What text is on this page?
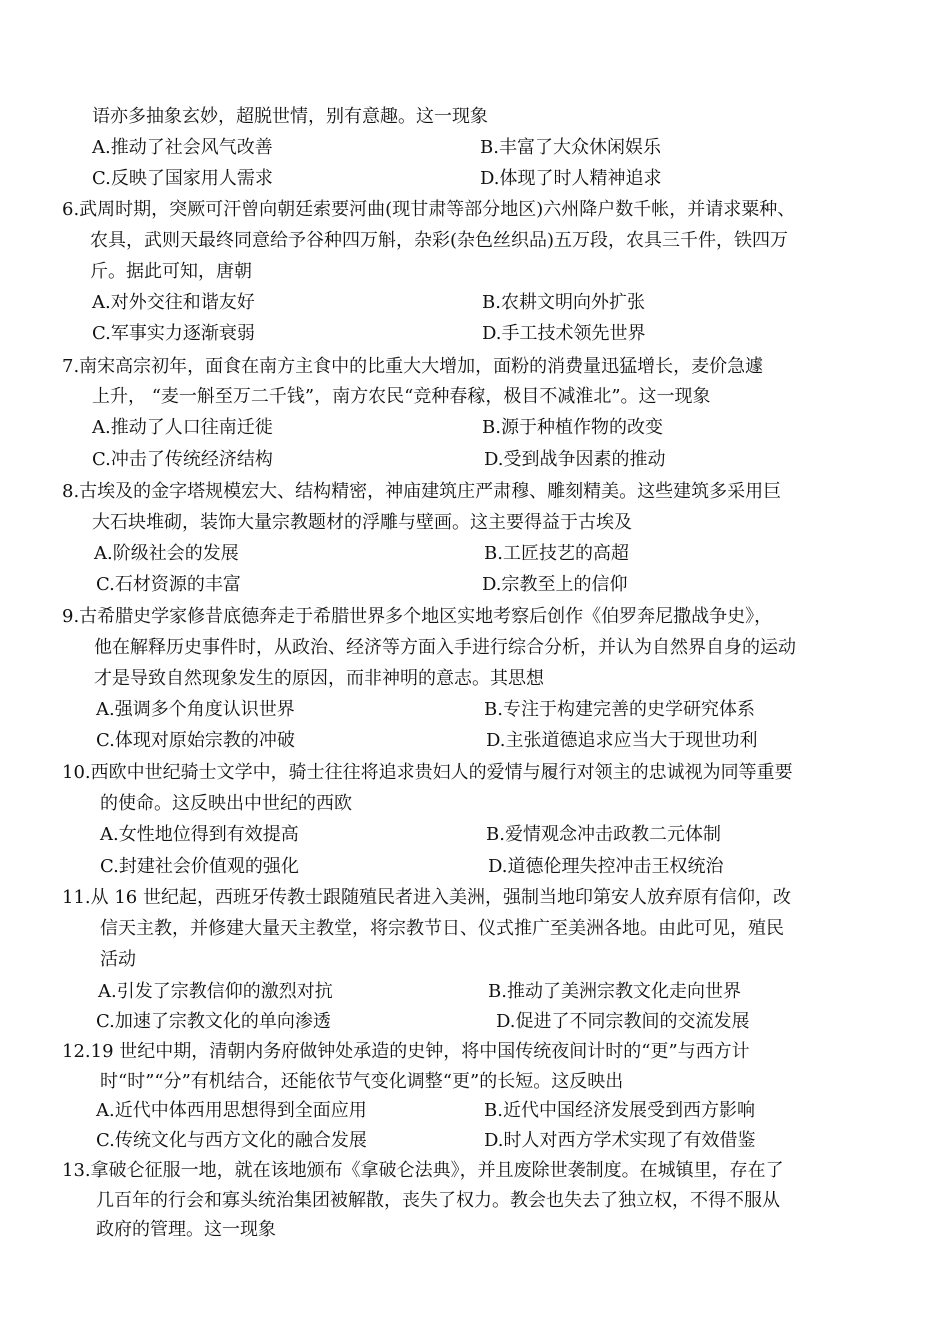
语亦多抽象玄妙，超脱世情，别有意趣。这一现象
A.推动了社会风气改善	B.丰富了大众休闲娱乐
C.反映了国家用人需求	D.体现了时人精神追求
6.武周时期，突厥可汗曾向朝廷索要河曲(现甘肃等部分地区)六州降户数千帐，并请求粟种、
农具，武则天最终同意给予谷种四万斛，杂彩(杂色丝织品)五万段，农具三千件，铁四万
斤。据此可知，唐朝
A.对外交往和谐友好	B.农耕文明向外扩张
C.军事实力逐渐衰弱	D.手工技术领先世界
7.南宋高宗初年，面食在南方主食中的比重大大增加，面粉的消费量迅猛增长，麦价急遽
上升， “麦一斛至万二千钱”，南方农民“竞种春稼，极目不减淮北”。这一现象
A.推动了人口往南迁徙	B.源于种植作物的改变
C.冲击了传统经济结构	D.受到战争因素的推动
8.古埃及的金字塔规模宏大、结构精密，神庙建筑庄严肃穆、雕刻精美。这些建筑多采用巨
大石块堆砌，装饰大量宗教题材的浮雕与壁画。这主要得益于古埃及
A.阶级社会的发展	B.工匠技艺的高超
C.石材资源的丰富	D.宗教至上的信仰
9.古希腊史学家修昔底德奔走于希腊世界多个地区实地考察后创作《伯罗奔尼撒战争史》，
他在解释历史事件时，从政治、经济等方面入手进行综合分析，并认为自然界自身的运动
才是导致自然现象发生的原因，而非神明的意志。其思想
A.强调多个角度认识世界	B.专注于构建完善的史学研究体系
C.体现对原始宗教的冲破	D.主张道德追求应当大于现世功利
10.西欧中世纪骑士文学中，骑士往往将追求贵妇人的爱情与履行对领主的忠诚视为同等重要
的使命。这反映出中世纪的西欧
A.女性地位得到有效提高	B.爱情观念冲击政教二元体制
C.封建社会价值观的强化	D.道德伦理失控冲击王权统治
11.从 16 世纪起，西班牙传教士跟随殖民者进入美洲，强制当地印第安人放弃原有信仰，改
信天主教，并修建大量天主教堂，将宗教节日、仪式推广至美洲各地。由此可见，殖民
活动
A.引发了宗教信仰的激烈对抗	B.推动了美洲宗教文化走向世界
C.加速了宗教文化的单向渗透	D.促进了不同宗教间的交流发展
12.19 世纪中期，清朝内务府做钟处承造的史钟，将中国传统夜间计时的“更”与西方计
时“时”“分”有机结合，还能依节气变化调整“更”的长短。这反映出
A.近代中体西用思想得到全面应用	B.近代中国经济发展受到西方影响
C.传统文化与西方文化的融合发展	D.时人对西方学术实现了有效借鉴
13.拿破仑征服一地，就在该地颁布《拿破仑法典》，并且废除世袭制度。在城镇里，存在了
几百年的行会和寡头统治集团被解散，丧失了权力。教会也失去了独立权，不得不服从
政府的管理。这一现象
